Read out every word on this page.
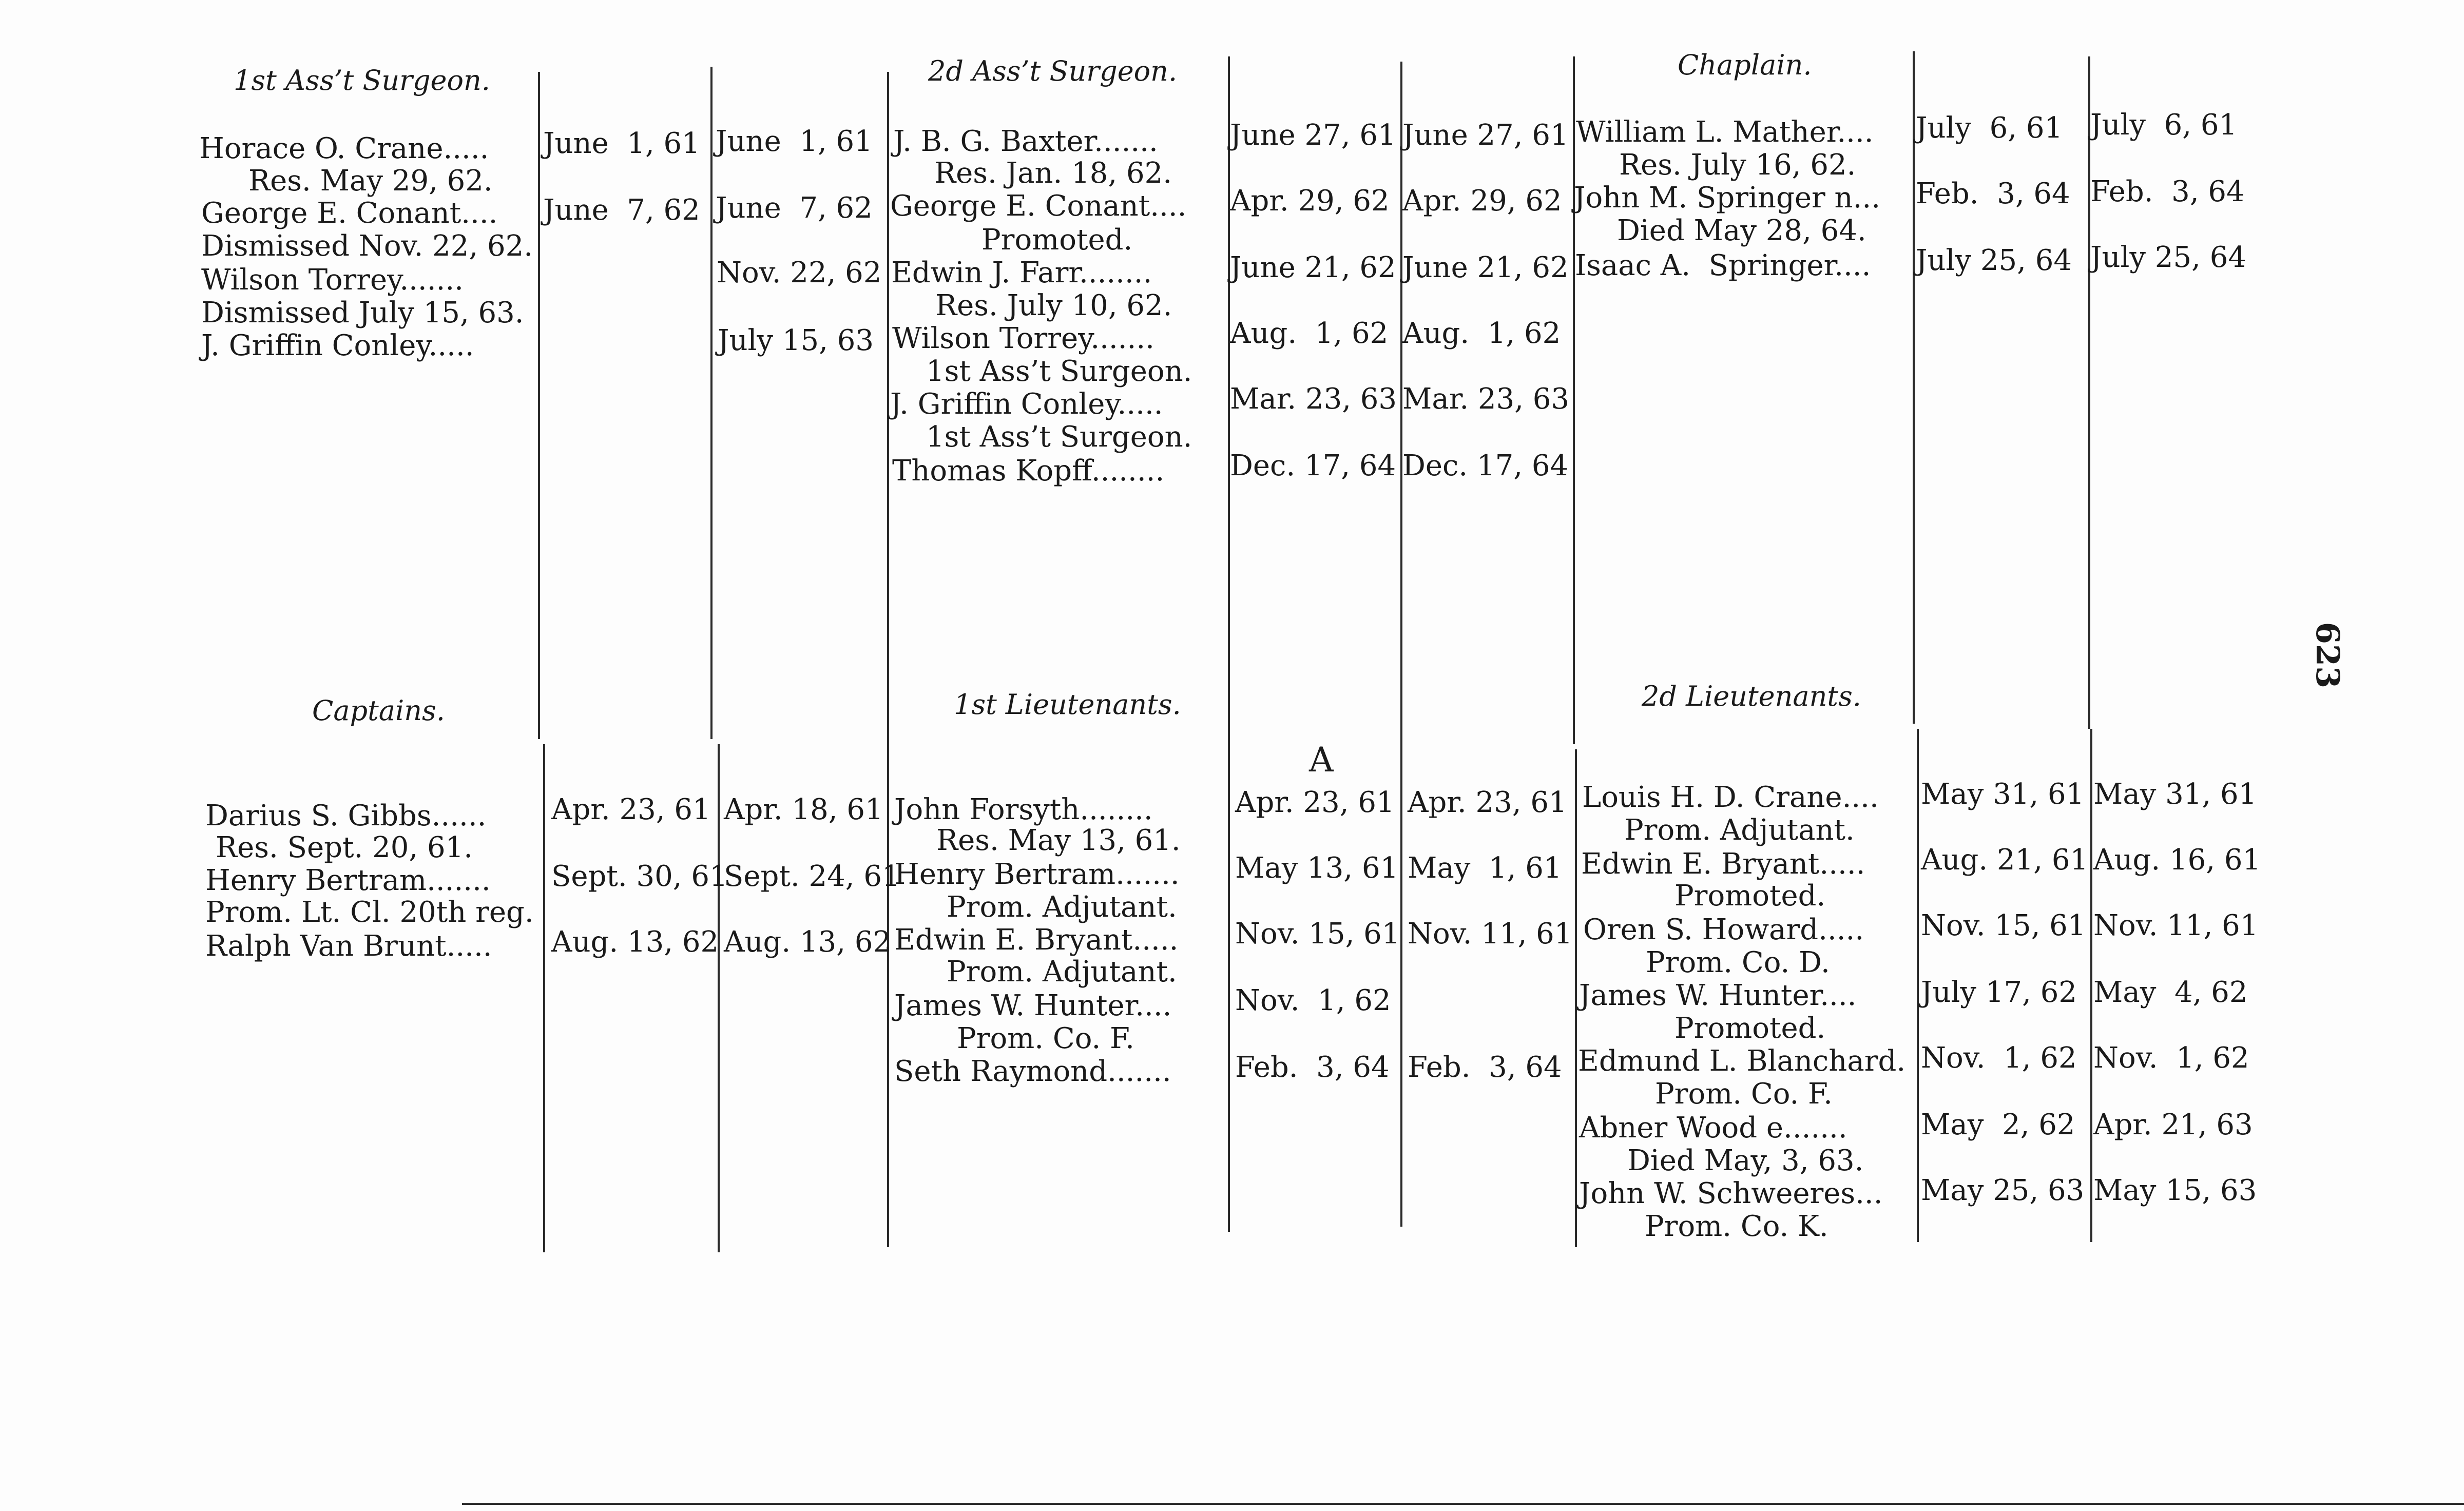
623
1st Ass’t Surgeon.
Horace O. Crane.....
Res. May 29, 62.
George E. Conant....
Dismissed Nov. 22, 62.
Wilson Torrey.......
Dismissed July 15, 63.
J. Griffin Conley.....
June  1, 61
June  7, 62
June  1, 61
June  7, 62
Nov. 22, 62
July 15, 63
2d Ass’t Surgeon.
J. B. G. Baxter.......
Res. Jan. 18, 62.
George E. Conant....
Promoted.
Edwin J. Farr........
Res. July 10, 62.
Wilson Torrey.......
1st Ass’t Surgeon.
J. Griffin Conley.....
1st Ass’t Surgeon.
Thomas Kopff........
June 27, 61
Apr. 29, 62
June 21, 62
Aug.  1, 62
Mar. 23, 63
Dec. 17, 64
June 27, 61
Apr. 29, 62
June 21, 62
Aug.  1, 62
Mar. 23, 63
Dec. 17, 64
Chaplain.
William L. Mather....
Res. July 16, 62.
John M. Springer n...
Died May 28, 64.
Isaac A.  Springer....
July  6, 61
Feb.  3, 64
July 25, 64
July  6, 61
Feb.  3, 64
July 25, 64
A
Captains.
Darius S. Gibbs......
Res. Sept. 20, 61.
Henry Bertram.......
Prom. Lt. Cl. 20th reg.
Ralph Van Brunt.....
Apr. 23, 61
Sept. 30, 61
Aug. 13, 62
Apr. 18, 61
Sept. 24, 61
Aug. 13, 62
1st Lieutenants.
John Forsyth........
Res. May 13, 61.
Henry Bertram.......
Prom. Adjutant.
Edwin E. Bryant.....
Prom. Adjutant.
James W. Hunter....
Prom. Co. F.
Seth Raymond.......
Apr. 23, 61
May 13, 61
Nov. 15, 61
Nov.  1, 62
Feb.  3, 64
Apr. 23, 61
May  1, 61
Nov. 11, 61
Feb.  3, 64
2d Lieutenants.
Louis H. D. Crane....
Prom. Adjutant.
Edwin E. Bryant.....
Promoted.
Oren S. Howard.....
Prom. Co. D.
James W. Hunter....
Promoted.
Edmund L. Blanchard.
Prom. Co. F.
Abner Wood e.......
Died May, 3, 63.
John W. Schweeres...
Prom. Co. K.
May 31, 61
Aug. 21, 61
Nov. 15, 61
July 17, 62
Nov.  1, 62
May  2, 62
May 25, 63
May 31, 61
Aug. 16, 61
Nov. 11, 61
May  4, 62
Nov.  1, 62
Apr. 21, 63
May 15, 63
